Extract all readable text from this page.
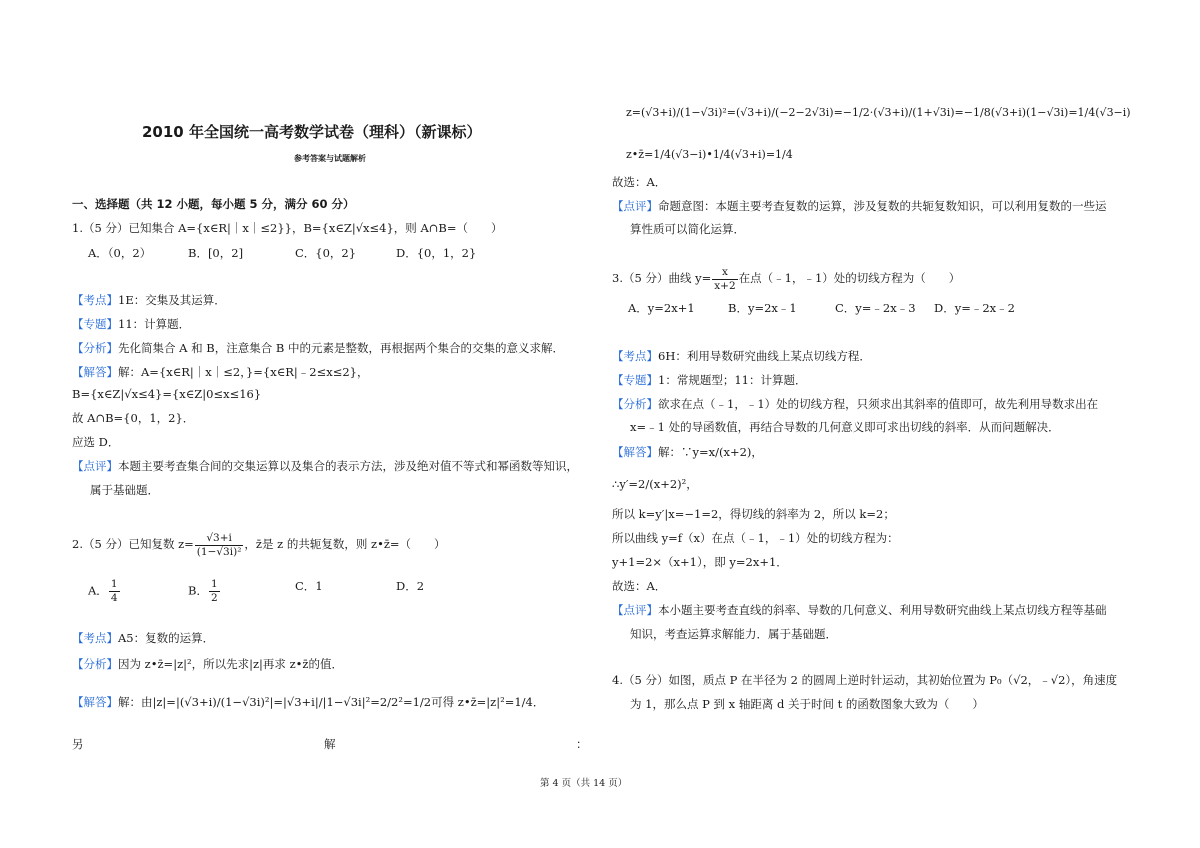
2010 年全国统一高考数学试卷（理科）（新课标）
参考答案与试题解析
一、选择题（共 12 小题，每小题 5 分，满分 60 分）
1.（5 分）已知集合 A={x∈R|｜x｜≤2}}，B={x∈Z|√x≤4}，则 A∩B=（　　）
A．（0，2）	B．[0，2]	C．{0，2}	D．{0，1，2}
【考点】1E：交集及其运算．
【专题】11：计算题．
【分析】先化简集合 A 和 B，注意集合 B 中的元素是整数，再根据两个集合的交集的意义求解．
【解答】解：A={x∈R|｜x｜≤2，}={x∈R|﹣2≤x≤2}，
B={x∈Z|√x≤4}={x∈Z|0≤x≤16}
故 A∩B={0，1，2}．
应选 D．
【点评】本题主要考查集合间的交集运算以及集合的表示方法，涉及绝对值不等式和幂函数等知识，
属于基础题．
2.（5 分）已知复数 $z= \frac{√3+i}{\text{(1−√3i)²}}$ ，z̄是 z 的共轭复数，则 z•z̄=（　　）
A． $\frac{1}{4}$	B． $\frac{1}{2}$	C．1	D．2
【考点】A5：复数的运算．
【分析】因为 z•z̄=|z|²，所以先求|z|再求 z•z̄的值．
【解答】解：由|z|=|(√3+i)/(1−√3i)²|=|√3+i|/|1−√3i|²=2/2²=1/2可得 z•z̄=|z|²=1/4．
另	解	：
z=(√3+i)/(1−√3i)²=(√3+i)/(−2−2√3i)=−1/2·(√3+i)/(1+√3i)=−1/8(√3+i)(1−√3i)=1/4(√3−i)
z•z̄=1/4(√3−i)•1/4(√3+i)=1/4
故选：A．
【点评】命题意图：本题主要考查复数的运算，涉及复数的共轭复数知识，可以利用复数的一些运
算性质可以简化运算．
3.（5 分）曲线 $y= \frac{x}{x+2}$ 在点（﹣1，﹣1）处的切线方程为（　　）
A．y=2x+1	B．y=2x﹣1	C．y=﹣2x﹣3 D．y=﹣2x﹣2
【考点】6H：利用导数研究曲线上某点切线方程．
【专题】1：常规题型；11：计算题．
【分析】欲求在点（﹣1，﹣1）处的切线方程，只须求出其斜率的值即可，故先利用导数求出在
x=﹣1 处的导函数值，再结合导数的几何意义即可求出切线的斜率．从而问题解决．
【解答】解：∵y=x/(x+2)，
∴y′=2/(x+2)²，
所以 k=y′|x=−1=2，得切线的斜率为 2，所以 k=2；
所以曲线 y=f（x）在点（﹣1，﹣1）处的切线方程为：
y+1=2×（x+1），即 y=2x+1．
故选：A．
【点评】本小题主要考查直线的斜率、导数的几何意义、利用导数研究曲线上某点切线方程等基础
知识，考查运算求解能力．属于基础题．
4.（5 分）如图，质点 P 在半径为 2 的圆周上逆时针运动，其初始位置为 P₀（√2，﹣√2），角速度
为 1，那么点 P 到 x 轴距离 d 关于时间 t 的函数图象大致为（　　）
第 4 页（共 14 页）
